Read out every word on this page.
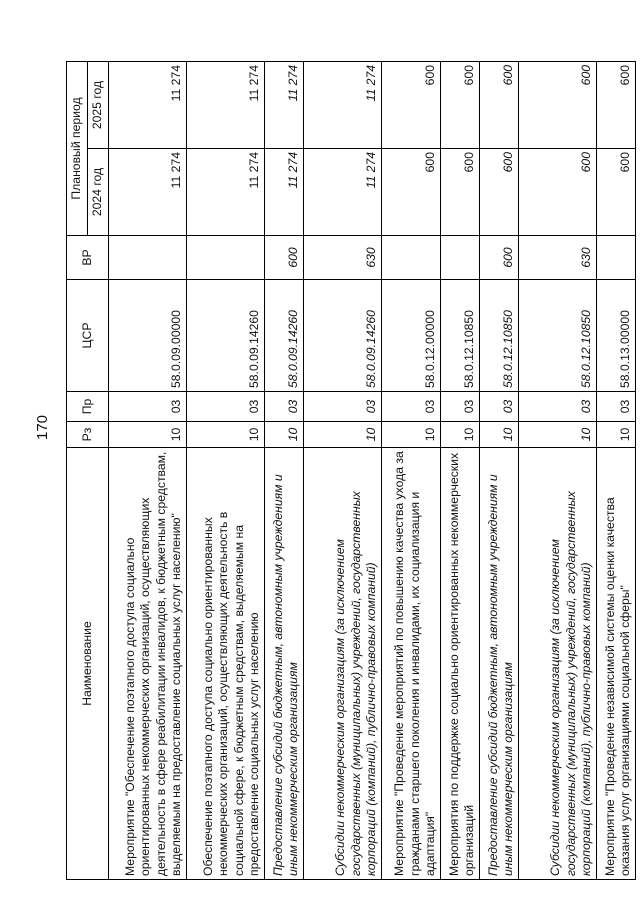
170
Наименование	Рз	Пр	ЦСР	ВР	Плановый период	
					2024 год	2025 год
Мероприятие "Обеспечение поэтапного доступа социально ориентированных некоммерческих организаций, осуществляющих деятельность в сфере реабилитации инвалидов, к бюджетным средствам, выделяемым на предоставление социальных услуг населению"	10	03	58.0.09.00000		11 274	11 274
Обеспечение поэтапного доступа социально ориентированных некоммерческих организаций, осуществляющих деятельность в социальной сфере, к бюджетным средствам, выделяемым на предоставление социальных услуг населению	10	03	58.0.09.14260		11 274	11 274
Предоставление субсидий бюджетным, автономным учреждениям и иным некоммерческим организациям	10	03	58.0.09.14260	600	11 274	11 274
Субсидии некоммерческим организациям (за исключением государственных (муниципальных) учреждений, государственных корпораций (компаний), публично-правовых компаний)	10	03	58.0.09.14260	630	11 274	11 274
Мероприятие "Проведение мероприятий по повышению качества ухода за гражданами старшего поколения и инвалидами, их социализация и адаптация"	10	03	58.0.12.00000		600	600
Мероприятия по поддержке социально ориентированных некоммерческих организаций	10	03	58.0.12.10850		600	600
Предоставление субсидий бюджетным, автономным учреждениям и иным некоммерческим организациям	10	03	58.0.12.10850	600	600	600
Субсидии некоммерческим организациям (за исключением государственных (муниципальных) учреждений, государственных корпораций (компаний), публично-правовых компаний)	10	03	58.0.12.10850	630	600	600
Мероприятие "Проведение независимой системы оценки качества оказания услуг организациями социальной сферы"	10	03	58.0.13.00000		600	600
